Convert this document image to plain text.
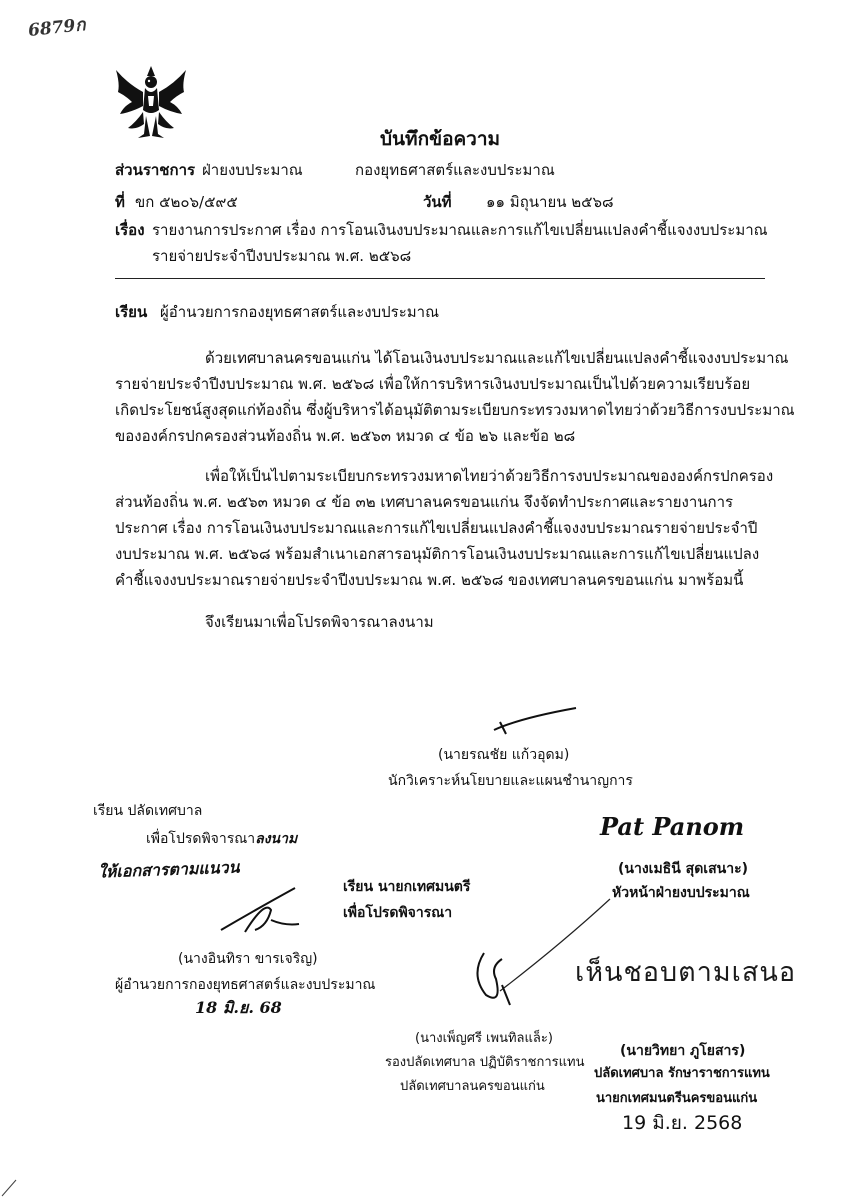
6879ก
บันทึกข้อความ
ส่วนราชการ ฝ่ายงบประมาณ	กองยุทธศาสตร์และงบประมาณ
ที่ ขก ๕๒๐๖/๕๙๕	วันที่ ๑๑ มิถุนายน ๒๕๖๘
เรื่อง รายงานการประกาศ เรื่อง การโอนเงินงบประมาณและการแก้ไขเปลี่ยนแปลงคำชี้แจงงบประมาณ
รายจ่ายประจำปีงบประมาณ พ.ศ. ๒๕๖๘
เรียน ผู้อำนวยการกองยุทธศาสตร์และงบประมาณ
ด้วยเทศบาลนครขอนแก่น ได้โอนเงินงบประมาณและแก้ไขเปลี่ยนแปลงคำชี้แจงงบประมาณ
รายจ่ายประจำปีงบประมาณ พ.ศ. ๒๕๖๘ เพื่อให้การบริหารเงินงบประมาณเป็นไปด้วยความเรียบร้อย
เกิดประโยชน์สูงสุดแก่ท้องถิ่น ซึ่งผู้บริหารได้อนุมัติตามระเบียบกระทรวงมหาดไทยว่าด้วยวิธีการงบประมาณ
ขององค์กรปกครองส่วนท้องถิ่น พ.ศ. ๒๕๖๓ หมวด ๔ ข้อ ๒๖ และข้อ ๒๘
เพื่อให้เป็นไปตามระเบียบกระทรวงมหาดไทยว่าด้วยวิธีการงบประมาณขององค์กรปกครอง
ส่วนท้องถิ่น พ.ศ. ๒๕๖๓ หมวด ๔ ข้อ ๓๒ เทศบาลนครขอนแก่น จึงจัดทำประกาศและรายงานการ
ประกาศ เรื่อง การโอนเงินงบประมาณและการแก้ไขเปลี่ยนแปลงคำชี้แจงงบประมาณรายจ่ายประจำปี
งบประมาณ พ.ศ. ๒๕๖๘ พร้อมสำเนาเอกสารอนุมัติการโอนเงินงบประมาณและการแก้ไขเปลี่ยนแปลง
คำชี้แจงงบประมาณรายจ่ายประจำปีงบประมาณ พ.ศ. ๒๕๖๘ ของเทศบาลนครขอนแก่น มาพร้อมนี้
จึงเรียนมาเพื่อโปรดพิจารณาลงนาม
(นายรณชัย แก้วอุดม)
นักวิเคราะห์นโยบายและแผนชำนาญการ
เรียน ปลัดเทศบาล
เพื่อโปรดพิจารณาลงนาม
ให้เอกสารตามแนวน
(นางอินทิรา ขารเจริญ)
ผู้อำนวยการกองยุทธศาสตร์และงบประมาณ
18 มิ.ย. 68
เรียน นายกเทศมนตรี
เพื่อโปรดพิจารณา
Pat Panom
(นางเมธินี สุดเสนาะ)
หัวหน้าฝ่ายงบประมาณ
เห็นชอบตามเสนอ
(นางเพ็ญศรี เพนทิลแล็ะ)
รองปลัดเทศบาล ปฏิบัติราชการแทน
ปลัดเทศบาลนครขอนแก่น
(นายวิทยา ภูโยสาร)
ปลัดเทศบาล รักษาราชการแทน
นายกเทศมนตรีนครขอนแก่น
19 มิ.ย. 2568
